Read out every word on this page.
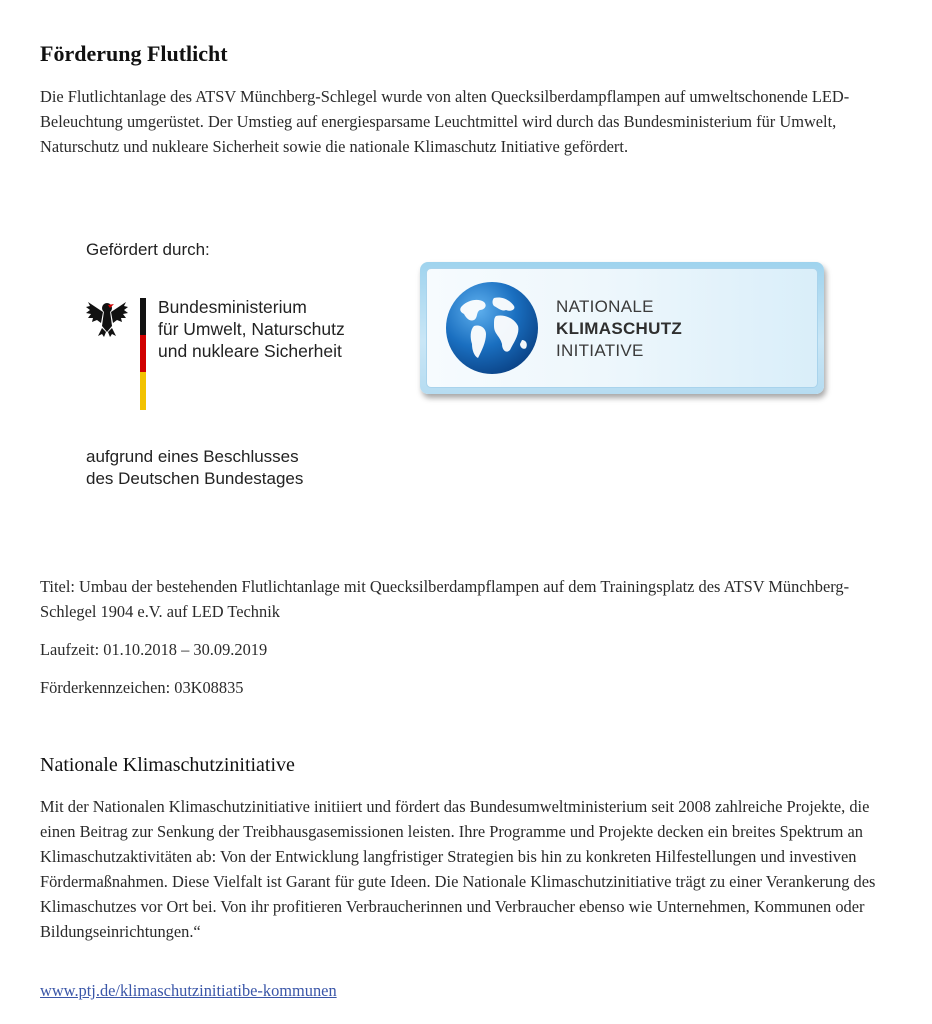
Förderung Flutlicht

Die Flutlichtanlage des ATSV Münchberg-Schlegel wurde von alten Quecksilberdampflampen auf umweltschonende LED-Beleuchtung umgerüstet. Der Umstieg auf energiesparsame Leuchtmittel wird durch das Bundesministerium für Umwelt, Naturschutz und nukleare Sicherheit sowie die nationale Klimaschutz Initiative gefördert.

Gefördert durch:
Bundesministerium
für Umwelt, Naturschutz
und nukleare Sicherheit
aufgrund eines Beschlusses
des Deutschen Bundestages
NATIONALE
KLIMASCHUTZ
INITIATIVE

Titel: Umbau der bestehenden Flutlichtanlage mit Quecksilberdampflampen auf dem Trainingsplatz des ATSV Münchberg-Schlegel 1904 e.V. auf LED Technik

Laufzeit: 01.10.2018 – 30.09.2019

Förderkennzeichen: 03K08835

Nationale Klimaschutzinitiative

Mit der Nationalen Klimaschutzinitiative initiiert und fördert das Bundesumweltministerium seit 2008 zahlreiche Projekte, die einen Beitrag zur Senkung der Treibhausgasemissionen leisten. Ihre Programme und Projekte decken ein breites Spektrum an Klimaschutzaktivitäten ab: Von der Entwicklung langfristiger Strategien bis hin zu konkreten Hilfestellungen und investiven Fördermaßnahmen. Diese Vielfalt ist Garant für gute Ideen. Die Nationale Klimaschutzinitiative trägt zu einer Verankerung des Klimaschutzes vor Ort bei. Von ihr profitieren Verbraucherinnen und Verbraucher ebenso wie Unternehmen, Kommunen oder Bildungseinrichtungen.“

www.ptj.de/klimaschutzinitiatibe-kommunen
